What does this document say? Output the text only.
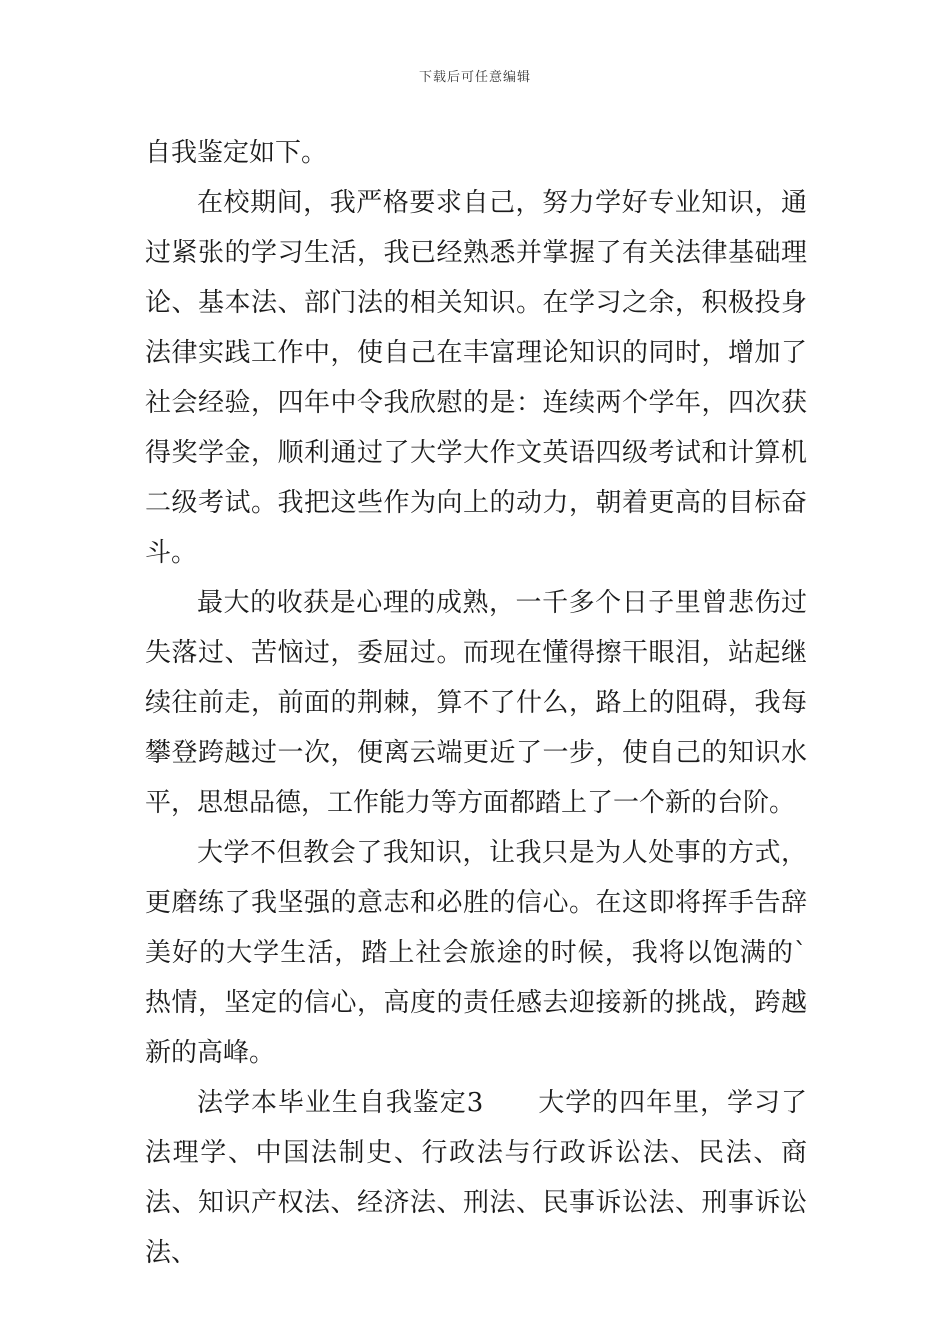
下载后可任意编辑

自我鉴定如下。

在校期间，我严格要求自己，努力学好专业知识，通过紧张的学习生活，我已经熟悉并掌握了有关法律基础理论、基本法、部门法的相关知识。在学习之余，积极投身法律实践工作中，使自己在丰富理论知识的同时，增加了社会经验，四年中令我欣慰的是：连续两个学年，四次获得奖学金，顺利通过了大学大作文英语四级考试和计算机二级考试。我把这些作为向上的动力，朝着更高的目标奋斗。

最大的收获是心理的成熟，一千多个日子里曾悲伤过失落过、苦恼过，委屈过。而现在懂得擦干眼泪，站起继续往前走，前面的荆棘，算不了什么，路上的阻碍，我每攀登跨越过一次，便离云端更近了一步，使自己的知识水平，思想品德，工作能力等方面都踏上了一个新的台阶。

大学不但教会了我知识，让我只是为人处事的方式，更磨练了我坚强的意志和必胜的信心。在这即将挥手告辞美好的大学生活，踏上社会旅途的时候，我将以饱满的`热情，坚定的信心，高度的责任感去迎接新的挑战，跨越新的高峰。

法学本毕业生自我鉴定3　　大学的四年里，学习了法理学、中国法制史、行政法与行政诉讼法、民法、商法、知识产权法、经济法、刑法、民事诉讼法、刑事诉讼法、
